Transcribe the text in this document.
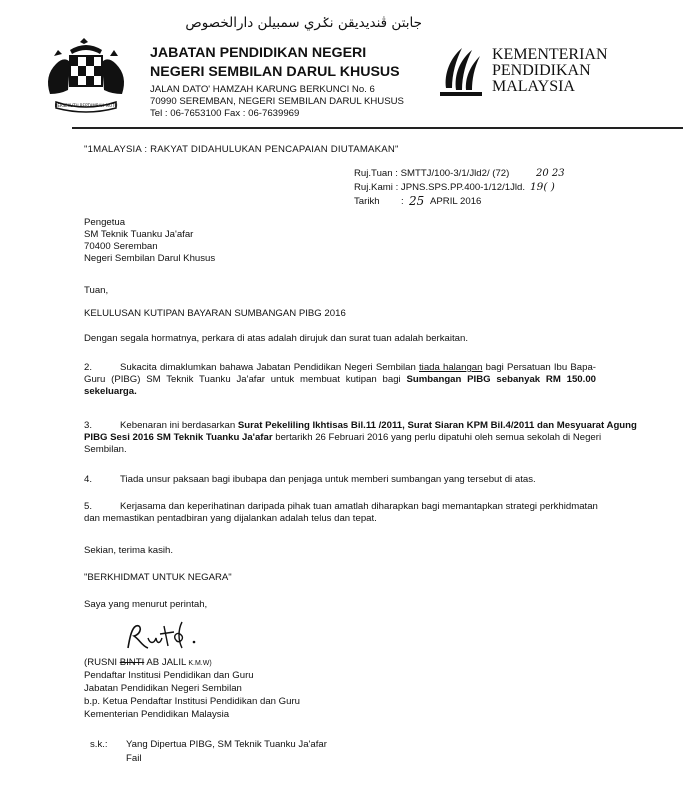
BERSEKUTU BERTAMBAH MUTU
جابتن ڤنديديقن نݢري سمبيلن دارالخصوص
JABATAN PENDIDIKAN NEGERI
NEGERI SEMBILAN DARUL KHUSUS
JALAN DATO' HAMZAH KARUNG BERKUNCI No. 6
70990 SEREMBAN, NEGERI SEMBILAN DARUL KHUSUS
Tel : 06-7653100 Fax : 06-7639969
KEMENTERIAN
PENDIDIKAN
MALAYSIA
"1MALAYSIA : RAKYAT DIDAHULUKAN PENCAPAIAN DIUTAMAKAN"
Ruj.Tuan : SMTTJ/100-3/1/Jld2/ (72)	20 23
Ruj.Kami : JPNS.SPS.PP.400-1/12/1Jld. 19( )
Tarikh : 25 APRIL 2016
Pengetua
SM Teknik Tuanku Ja'afar
70400 Seremban
Negeri Sembilan Darul Khusus
Tuan,
KELULUSAN KUTIPAN BAYARAN SUMBANGAN PIBG 2016
Dengan segala hormatnya, perkara di atas adalah dirujuk dan surat tuan adalah berkaitan.
2.	Sukacita dimaklumkan bahawa Jabatan Pendidikan Negeri Sembilan tiada halangan bagi Persatuan Ibu Bapa-Guru (PIBG) SM Teknik Tuanku Ja'afar untuk membuat kutipan bagi Sumbangan PIBG sebanyak RM 150.00 sekeluarga.
3.	Kebenaran ini berdasarkan Surat Pekeliling Ikhtisas Bil.11 /2011, Surat Siaran KPM Bil.4/2011 dan Mesyuarat Agung PIBG Sesi 2016 SM Teknik Tuanku Ja'afar bertarikh 26 Februari 2016 yang perlu dipatuhi oleh semua sekolah di Negeri Sembilan.
4.	Tiada unsur paksaan bagi ibubapa dan penjaga untuk memberi sumbangan yang tersebut di atas.
5.	Kerjasama dan keperihatinan daripada pihak tuan amatlah diharapkan bagi memantapkan strategi perkhidmatan dan memastikan pentadbiran yang dijalankan adalah telus dan tepat.
Sekian, terima kasih.
"BERKHIDMAT UNTUK NEGARA"
Saya yang menurut perintah,
(RUSNI BINTI AB JALIL K.M.W)
Pendaftar Institusi Pendidikan dan Guru
Jabatan Pendidikan Negeri Sembilan
b.p. Ketua Pendaftar Institusi Pendidikan dan Guru
Kementerian Pendidikan Malaysia
s.k.: Yang Dipertua PIBG, SM Teknik Tuanku Ja'afar
Fail
